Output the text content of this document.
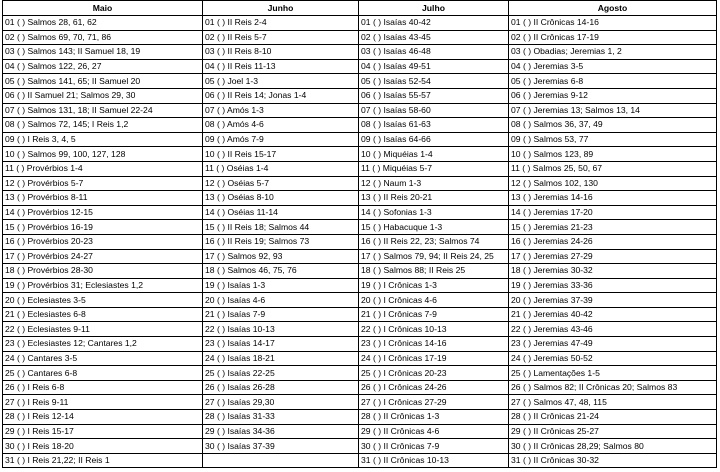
Maio	Junho	Julho	Agosto
01 ( ) Salmos 28, 61, 62	01 ( ) II Reis 2-4	01 ( ) Isaías 40-42	01 ( ) II Crônicas 14-16
02 ( ) Salmos 69, 70, 71, 86	02 ( ) II Reis 5-7	02 ( ) Isaías 43-45	02 ( ) II Crônicas 17-19
03 ( ) Salmos 143; II Samuel 18, 19	03 ( ) II Reis 8-10	03 ( ) Isaías 46-48	03 ( ) Obadias; Jeremias 1, 2
04 ( ) Salmos 122, 26, 27	04 ( ) II Reis 11-13	04 ( ) Isaías 49-51	04 ( ) Jeremias 3-5
05 ( ) Salmos 141, 65; II Samuel 20	05 ( ) Joel 1-3	05 ( ) Isaías 52-54	05 ( ) Jeremias 6-8
06 ( ) II Samuel 21; Salmos 29, 30	06 ( ) II Reis 14; Jonas 1-4	06 ( ) Isaías 55-57	06 ( ) Jeremias 9-12
07 ( ) Salmos 131, 18; II Samuel 22-24	07 ( ) Amós 1-3	07 ( ) Isaías 58-60	07 ( ) Jeremias 13; Salmos 13, 14
08 ( ) Salmos 72, 145; I Reis 1,2	08 ( ) Amós 4-6	08 ( ) Isaías 61-63	08 ( ) Salmos 36, 37, 49
09 ( ) I Reis 3, 4, 5	09 ( ) Amós 7-9	09 ( ) Isaías 64-66	09 ( ) Salmos 53, 77
10 ( ) Salmos 99, 100, 127, 128	10 ( ) II Reis 15-17	10 ( ) Miquéias 1-4	10 ( ) Salmos 123, 89
11 ( ) Provérbios 1-4	11 ( ) Oséias 1-4	11 ( ) Miquéias 5-7	11 ( ) Salmos 25, 50, 67
12 ( ) Provérbios 5-7	12 ( ) Oséias 5-7	12 ( ) Naum 1-3	12 ( ) Salmos 102, 130
13 ( ) Provérbios 8-11	13 ( ) Oséias 8-10	13 ( ) II Reis 20-21	13 ( ) Jeremias 14-16
14 ( ) Provérbios 12-15	14 ( ) Oséias 11-14	14 ( ) Sofonias 1-3	14 ( ) Jeremias 17-20
15 ( ) Provérbios 16-19	15 ( ) II Reis 18; Salmos 44	15 ( ) Habacuque 1-3	15 ( ) Jeremias 21-23
16 ( ) Provérbios 20-23	16 ( ) II Reis 19; Salmos 73	16 ( ) II Reis 22, 23; Salmos 74	16 ( ) Jeremias 24-26
17 ( ) Provérbios 24-27	17 ( ) Salmos 92, 93	17 ( ) Salmos 79, 94; II Reis 24, 25	17 ( ) Jeremias 27-29
18 ( ) Provérbios 28-30	18 ( ) Salmos 46, 75, 76	18 ( ) Salmos 88; II Reis 25	18 ( ) Jeremias 30-32
19 ( ) Provérbios 31; Eclesiastes 1,2	19 ( ) Isaías 1-3	19 ( ) I Crônicas 1-3	19 ( ) Jeremias 33-36
20 ( ) Eclesiastes 3-5	20 ( ) Isaías 4-6	20 ( ) I Crônicas 4-6	20 ( ) Jeremias 37-39
21 ( ) Eclesiastes 6-8	21 ( ) Isaías 7-9	21 ( ) I Crônicas 7-9	21 ( ) Jeremias 40-42
22 ( ) Eclesiastes 9-11	22 ( ) Isaías 10-13	22 ( ) I Crônicas 10-13	22 ( ) Jeremias 43-46
23 ( ) Eclesiastes 12; Cantares 1,2	23 ( ) Isaías 14-17	23 ( ) I Crônicas 14-16	23 ( ) Jeremias 47-49
24 ( ) Cantares 3-5	24 ( ) Isaías 18-21	24 ( ) I Crônicas 17-19	24 ( ) Jeremias 50-52
25 ( ) Cantares 6-8	25 ( ) Isaías 22-25	25 ( ) I Crônicas 20-23	25 ( ) Lamentações 1-5
26 ( ) I Reis 6-8	26 ( ) Isaías 26-28	26 ( ) I Crônicas 24-26	26 ( ) Salmos 82; II Crônicas 20; Salmos 83
27 ( ) I Reis 9-11	27 ( ) Isaías 29,30	27 ( ) I Crônicas 27-29	27 ( ) Salmos 47, 48, 115
28 ( ) I Reis 12-14	28 ( ) Isaías 31-33	28 ( ) II Crônicas 1-3	28 ( ) II Crônicas 21-24
29 ( ) I Reis 15-17	29 ( ) Isaías 34-36	29 ( ) II Crônicas 4-6	29 ( ) II Crônicas 25-27
30 ( ) I Reis 18-20	30 ( ) Isaías 37-39	30 ( ) II Crônicas 7-9	30 ( ) II Crônicas 28,29; Salmos 80
31 ( ) I Reis 21,22; II Reis 1		31 ( ) II Crônicas 10-13	31 ( ) II Crônicas 30-32
